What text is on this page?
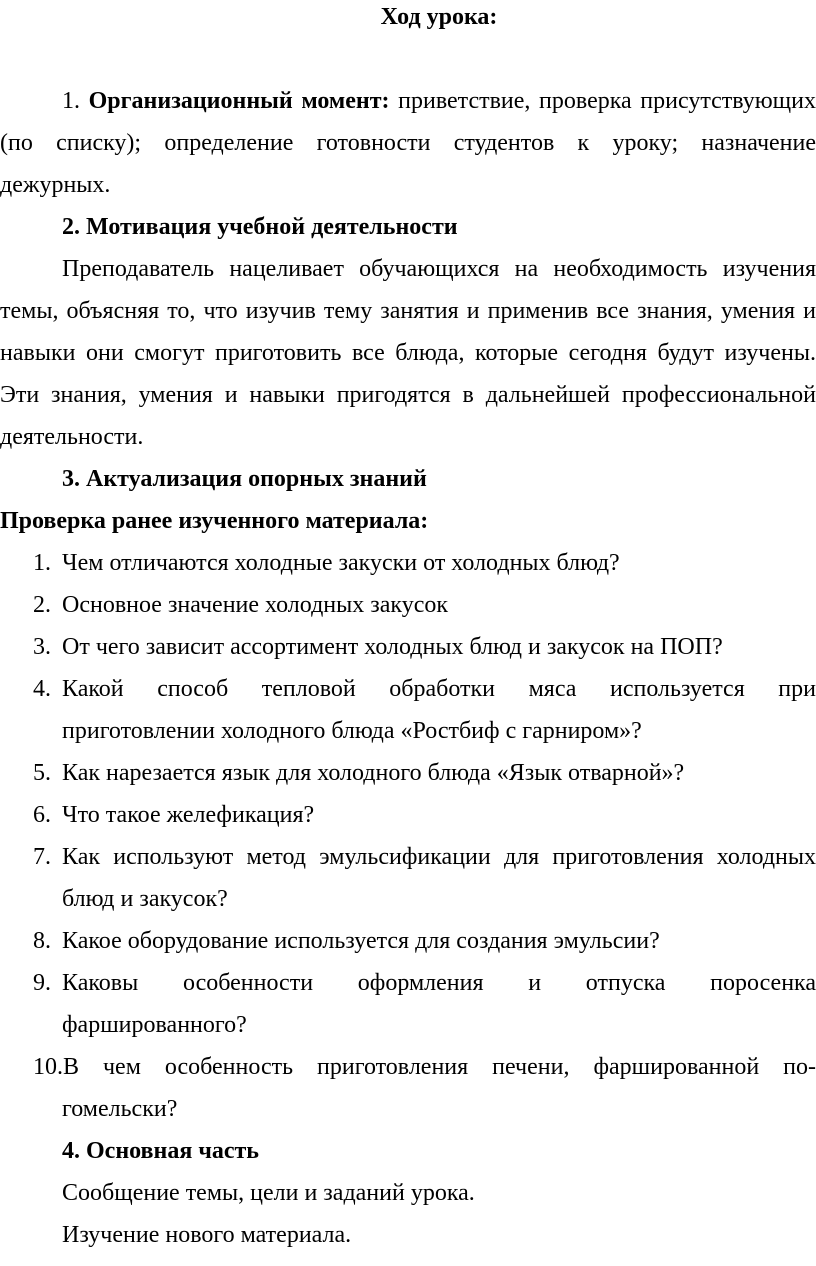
Ход урока:
1. Организационный момент: приветствие, проверка присутствующих
(по списку); определение готовности студентов к уроку; назначение
дежурных.
2. Мотивация учебной деятельности
Преподаватель нацеливает обучающихся на необходимость изучения
темы, объясняя то, что изучив тему занятия и применив все знания, умения и
навыки они смогут приготовить все блюда, которые сегодня будут изучены.
Эти знания, умения и навыки пригодятся в дальнейшей профессиональной
деятельности.
3. Актуализация опорных знаний
Проверка ранее изученного материала:
1. Чем отличаются холодные закуски от холодных блюд?
2. Основное значение холодных закусок
3. От чего зависит ассортимент холодных блюд и закусок на ПОП?
4. Какой способ тепловой обработки мяса используется при
приготовлении холодного блюда «Ростбиф с гарниром»?
5. Как нарезается язык для холодного блюда «Язык отварной»?
6. Что такое желефикация?
7. Как используют метод эмульсификации для приготовления холодных
блюд и закусок?
8. Какое оборудование используется для создания эмульсии?
9. Каковы особенности оформления и отпуска поросенка
фаршированного?
10.В чем особенность приготовления печени, фаршированной по-
гомельски?
4. Основная часть
Сообщение темы, цели и заданий урока.
Изучение нового материала.
